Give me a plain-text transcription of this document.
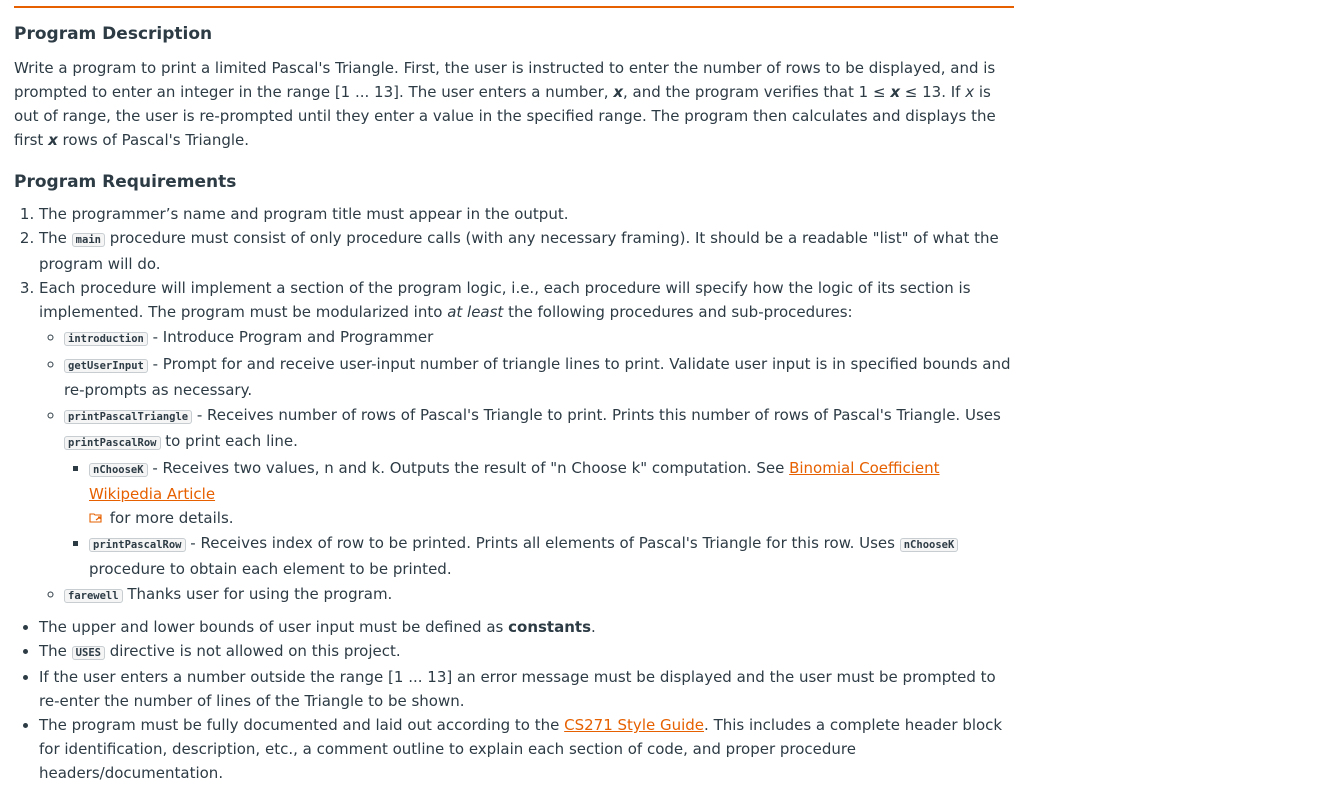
Program Description

Write a program to print a limited Pascal's Triangle. First, the user is instructed to enter the number of rows to be displayed, and is prompted to enter an integer in the range [1 ... 13]. The user enters a number, x, and the program verifies that 1 ≤ x ≤ 13. If x is out of range, the user is re-prompted until they enter a value in the specified range. The program then calculates and displays the first x rows of Pascal's Triangle.

Program Requirements
1. The programmer’s name and program title must appear in the output.
2. The main procedure must consist of only procedure calls (with any necessary framing). It should be a readable "list" of what the program will do.
3. Each procedure will implement a section of the program logic, i.e., each procedure will specify how the logic of its section is implemented. The program must be modularized into at least the following procedures and sub-procedures:
◦ introduction - Introduce Program and Programmer
◦ getUserInput - Prompt for and receive user-input number of triangle lines to print. Validate user input is in specified bounds and re-prompts as necessary.
◦ printPascalTriangle - Receives number of rows of Pascal's Triangle to print. Prints this number of rows of Pascal's Triangle. Uses printPascalRow to print each line.
▪ nChooseK - Receives two values, n and k. Outputs the result of "n Choose k" computation. See Binomial Coefficient Wikipedia Article
for more details.
▪ printPascalRow - Receives index of row to be printed. Prints all elements of Pascal's Triangle for this row. Uses nChooseK procedure to obtain each element to be printed.
◦ farewell Thanks user for using the program.
• The upper and lower bounds of user input must be defined as constants.
• The USES directive is not allowed on this project.
• If the user enters a number outside the range [1 ... 13] an error message must be displayed and the user must be prompted to re-enter the number of lines of the Triangle to be shown.
• The program must be fully documented and laid out according to the CS271 Style Guide. This includes a complete header block for identification, description, etc., a comment outline to explain each section of code, and proper procedure headers/documentation.
